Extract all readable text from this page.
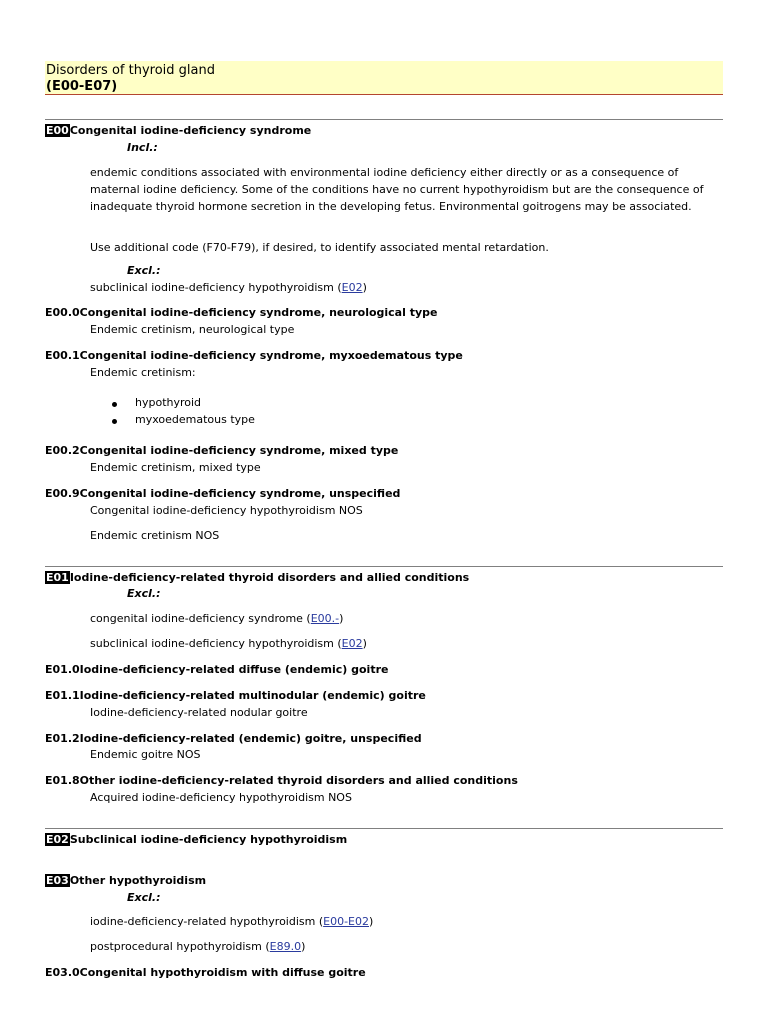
Disorders of thyroid gland
(E00-E07)
E00Congenital iodine-deficiency syndrome
Incl.:
endemic conditions associated with environmental iodine deficiency either directly or as a consequence of maternal iodine deficiency. Some of the conditions have no current hypothyroidism but are the consequence of inadequate thyroid hormone secretion in the developing fetus. Environmental goitrogens may be associated.
Use additional code (F70-F79), if desired, to identify associated mental retardation.
Excl.:
subclinical iodine-deficiency hypothyroidism (E02)
E00.0Congenital iodine-deficiency syndrome, neurological type
Endemic cretinism, neurological type
E00.1Congenital iodine-deficiency syndrome, myxoedematous type
Endemic cretinism:
hypothyroid
myxoedematous type
E00.2Congenital iodine-deficiency syndrome, mixed type
Endemic cretinism, mixed type
E00.9Congenital iodine-deficiency syndrome, unspecified
Congenital iodine-deficiency hypothyroidism NOS
Endemic cretinism NOS
E01Iodine-deficiency-related thyroid disorders and allied conditions
Excl.:
congenital iodine-deficiency syndrome (E00.-)
subclinical iodine-deficiency hypothyroidism (E02)
E01.0Iodine-deficiency-related diffuse (endemic) goitre
E01.1Iodine-deficiency-related multinodular (endemic) goitre
Iodine-deficiency-related nodular goitre
E01.2Iodine-deficiency-related (endemic) goitre, unspecified
Endemic goitre NOS
E01.8Other iodine-deficiency-related thyroid disorders and allied conditions
Acquired iodine-deficiency hypothyroidism NOS
E02Subclinical iodine-deficiency hypothyroidism
E03Other hypothyroidism
Excl.:
iodine-deficiency-related hypothyroidism (E00-E02)
postprocedural hypothyroidism (E89.0)
E03.0Congenital hypothyroidism with diffuse goitre
